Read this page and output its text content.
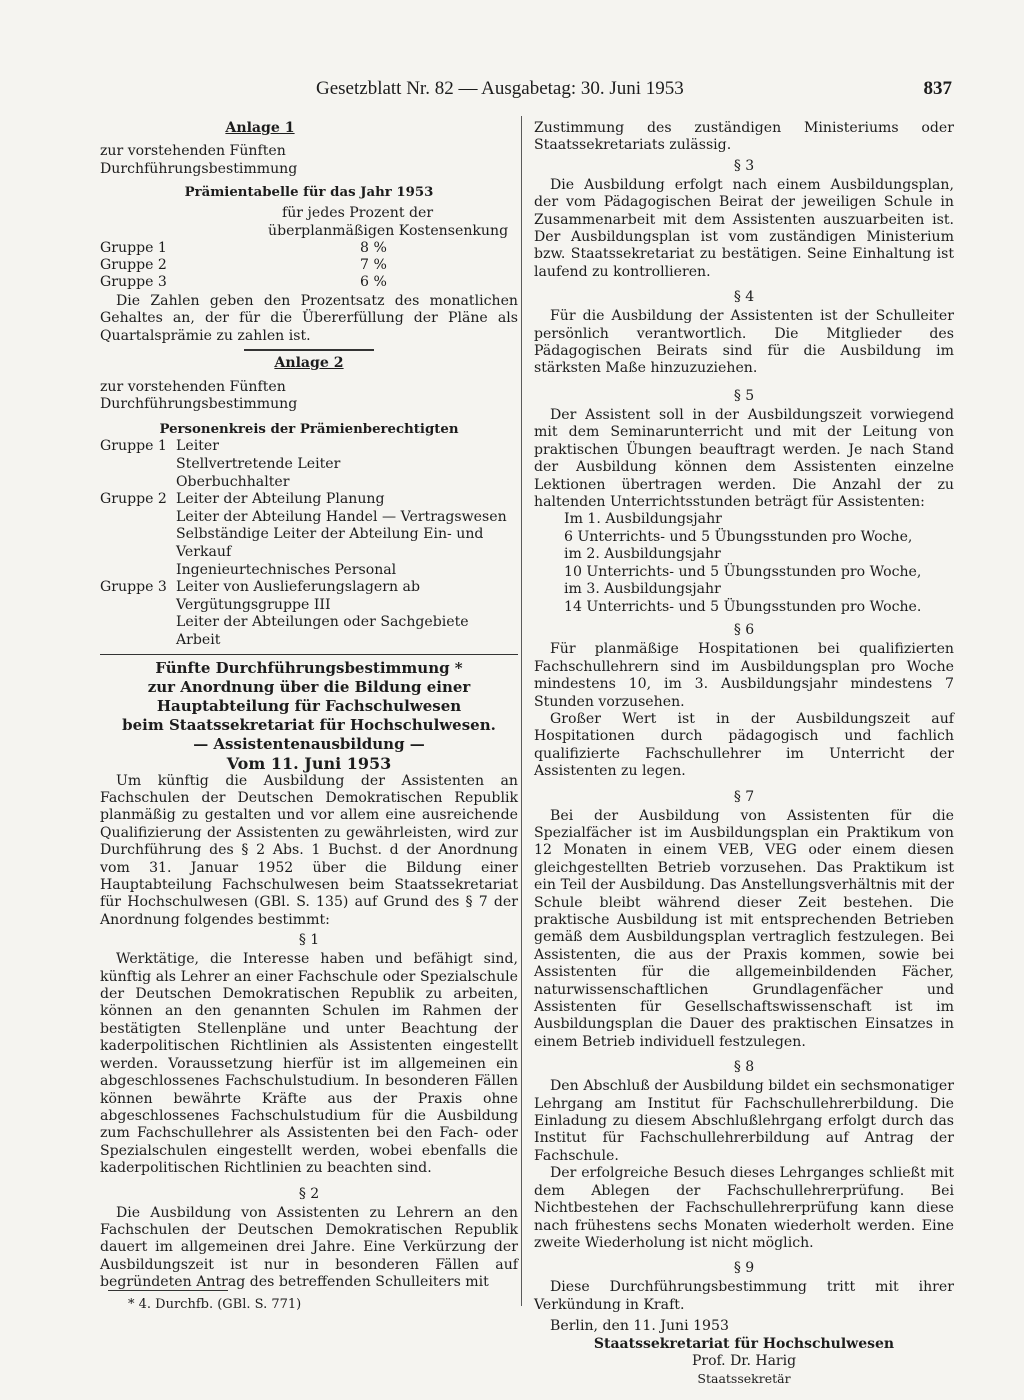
Gesetzblatt Nr. 82 — Ausgabetag: 30. Juni 1953	837
Anlage 1
zur vorstehenden Fünften
Durchführungsbestimmung
Prämientabelle für das Jahr 1953
für jedes Prozent der
überplanmäßigen Kostensenkung
Gruppe 1	8 %
Gruppe 2	7 %
Gruppe 3	6 %

Die Zahlen geben den Prozentsatz des monatlichen Gehaltes an, der für die Übererfüllung der Pläne als Quartalsprämie zu zahlen ist.

Anlage 2
zur vorstehenden Fünften
Durchführungsbestimmung
Personenkreis der Prämienberechtigten
Gruppe 1 Leiter
Stellvertretende Leiter
Oberbuchhalter
Gruppe 2 Leiter der Abteilung Planung
Leiter der Abteilung Handel — Vertragswesen
Selbständige Leiter der Abteilung Ein- und
Verkauf
Ingenieurtechnisches Personal
Gruppe 3 Leiter von Auslieferungslagern ab
Vergütungsgruppe III
Leiter der Abteilungen oder Sachgebiete
Arbeit
Fünfte Durchführungsbestimmung *
zur Anordnung über die Bildung einer
Hauptabteilung für Fachschulwesen
beim Staatssekretariat für Hochschulwesen.
— Assistentenausbildung —
Vom 11. Juni 1953

Um künftig die Ausbildung der Assistenten an Fachschulen der Deutschen Demokratischen Republik planmäßig zu gestalten und vor allem eine ausreichende Qualifizierung der Assistenten zu gewährleisten, wird zur Durchführung des § 2 Abs. 1 Buchst. d der Anordnung vom 31. Januar 1952 über die Bildung einer Hauptabteilung Fachschulwesen beim Staatssekretariat für Hochschulwesen (GBl. S. 135) auf Grund des § 7 der Anordnung folgendes bestimmt:

§ 1

Werktätige, die Interesse haben und befähigt sind, künftig als Lehrer an einer Fachschule oder Spezialschule der Deutschen Demokratischen Republik zu arbeiten, können an den genannten Schulen im Rahmen der bestätigten Stellenpläne und unter Beachtung der kaderpolitischen Richtlinien als Assistenten eingestellt werden. Voraussetzung hierfür ist im allgemeinen ein abgeschlossenes Fachschulstudium. In besonderen Fällen können bewährte Kräfte aus der Praxis ohne abgeschlossenes Fachschulstudium für die Ausbildung zum Fachschullehrer als Assistenten bei den Fach- oder Spezialschulen eingestellt werden, wobei ebenfalls die kaderpolitischen Richtlinien zu beachten sind.

§ 2

Die Ausbildung von Assistenten zu Lehrern an den Fachschulen der Deutschen Demokratischen Republik dauert im allgemeinen drei Jahre. Eine Verkürzung der Ausbildungszeit ist nur in besonderen Fällen auf begründeten Antrag des betreffenden Schulleiters mit

* 4. Durchfb. (GBl. S. 771)

Zustimmung des zuständigen Ministeriums oder Staatssekretariats zulässig.

§ 3

Die Ausbildung erfolgt nach einem Ausbildungsplan, der vom Pädagogischen Beirat der jeweiligen Schule in Zusammenarbeit mit dem Assistenten auszuarbeiten ist. Der Ausbildungsplan ist vom zuständigen Ministerium bzw. Staatssekretariat zu bestätigen. Seine Einhaltung ist laufend zu kontrollieren.

§ 4

Für die Ausbildung der Assistenten ist der Schulleiter persönlich verantwortlich. Die Mitglieder des Pädagogischen Beirats sind für die Ausbildung im stärksten Maße hinzuzuziehen.

§ 5

Der Assistent soll in der Ausbildungszeit vorwiegend mit dem Seminarunterricht und mit der Leitung von praktischen Übungen beauftragt werden. Je nach Stand der Ausbildung können dem Assistenten einzelne Lektionen übertragen werden. Die Anzahl der zu haltenden Unterrichtsstunden beträgt für Assistenten:

Im 1. Ausbildungsjahr
6 Unterrichts- und 5 Übungsstunden pro Woche,
im 2. Ausbildungsjahr
10 Unterrichts- und 5 Übungsstunden pro Woche,
im 3. Ausbildungsjahr
14 Unterrichts- und 5 Übungsstunden pro Woche.
§ 6

Für planmäßige Hospitationen bei qualifizierten Fachschullehrern sind im Ausbildungsplan pro Woche mindestens 10, im 3. Ausbildungsjahr mindestens 7 Stunden vorzusehen.

Großer Wert ist in der Ausbildungszeit auf Hospitationen durch pädagogisch und fachlich qualifizierte Fachschullehrer im Unterricht der Assistenten zu legen.

§ 7

Bei der Ausbildung von Assistenten für die Spezialfächer ist im Ausbildungsplan ein Praktikum von 12 Monaten in einem VEB, VEG oder einem diesen gleichgestellten Betrieb vorzusehen. Das Praktikum ist ein Teil der Ausbildung. Das Anstellungsverhältnis mit der Schule bleibt während dieser Zeit bestehen. Die praktische Ausbildung ist mit entsprechenden Betrieben gemäß dem Ausbildungsplan vertraglich festzulegen. Bei Assistenten, die aus der Praxis kommen, sowie bei Assistenten für die allgemeinbildenden Fächer, naturwissenschaftlichen Grundlagenfächer und Assistenten für Gesellschaftswissenschaft ist im Ausbildungsplan die Dauer des praktischen Einsatzes in einem Betrieb individuell festzulegen.

§ 8

Den Abschluß der Ausbildung bildet ein sechsmonatiger Lehrgang am Institut für Fachschullehrerbildung. Die Einladung zu diesem Abschlußlehrgang erfolgt durch das Institut für Fachschullehrerbildung auf Antrag der Fachschule.

Der erfolgreiche Besuch dieses Lehrganges schließt mit dem Ablegen der Fachschullehrerprüfung. Bei Nichtbestehen der Fachschullehrerprüfung kann diese nach frühestens sechs Monaten wiederholt werden. Eine zweite Wiederholung ist nicht möglich.

§ 9

Diese Durchführungsbestimmung tritt mit ihrer Verkündung in Kraft.

Berlin, den 11. Juni 1953

Staatssekretariat für Hochschulwesen
Prof. Dr. Harig
Staatssekretär
